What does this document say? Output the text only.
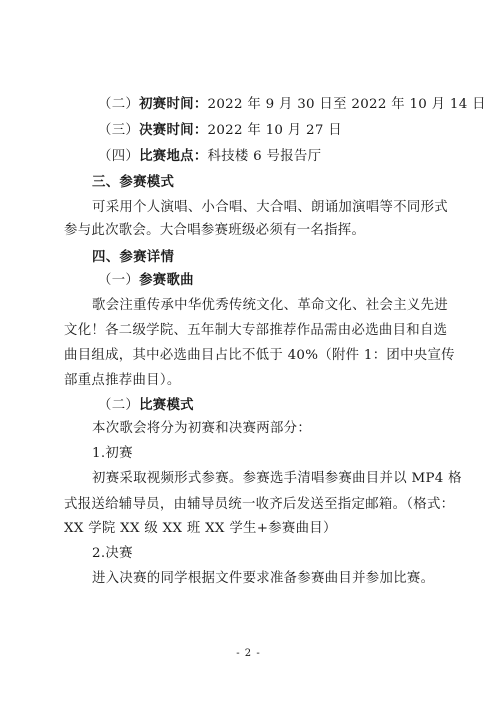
（二）初赛时间：2022 年 9 月 30 日至 2022 年 10 月 14 日
（三）决赛时间：2022 年 10 月 27 日
（四）比赛地点：科技楼 6 号报告厅
三、参赛模式
可采用个人演唱、小合唱、大合唱、朗诵加演唱等不同形式
参与此次歌会。大合唱参赛班级必须有一名指挥。
四、参赛详情
（一）参赛歌曲
歌会注重传承中华优秀传统文化、革命文化、社会主义先进
文化！各二级学院、五年制大专部推荐作品需由必选曲目和自选
曲目组成，其中必选曲目占比不低于 40%（附件 1：团中央宣传
部重点推荐曲目）。
（二）比赛模式
本次歌会将分为初赛和决赛两部分：
1.初赛
初赛采取视频形式参赛。参赛选手清唱参赛曲目并以 MP4 格
式报送给辅导员，由辅导员统一收齐后发送至指定邮箱。（格式：
XX 学院 XX 级 XX 班 XX 学生+参赛曲目）
2.决赛
进入决赛的同学根据文件要求准备参赛曲目并参加比赛。
- 2 -
